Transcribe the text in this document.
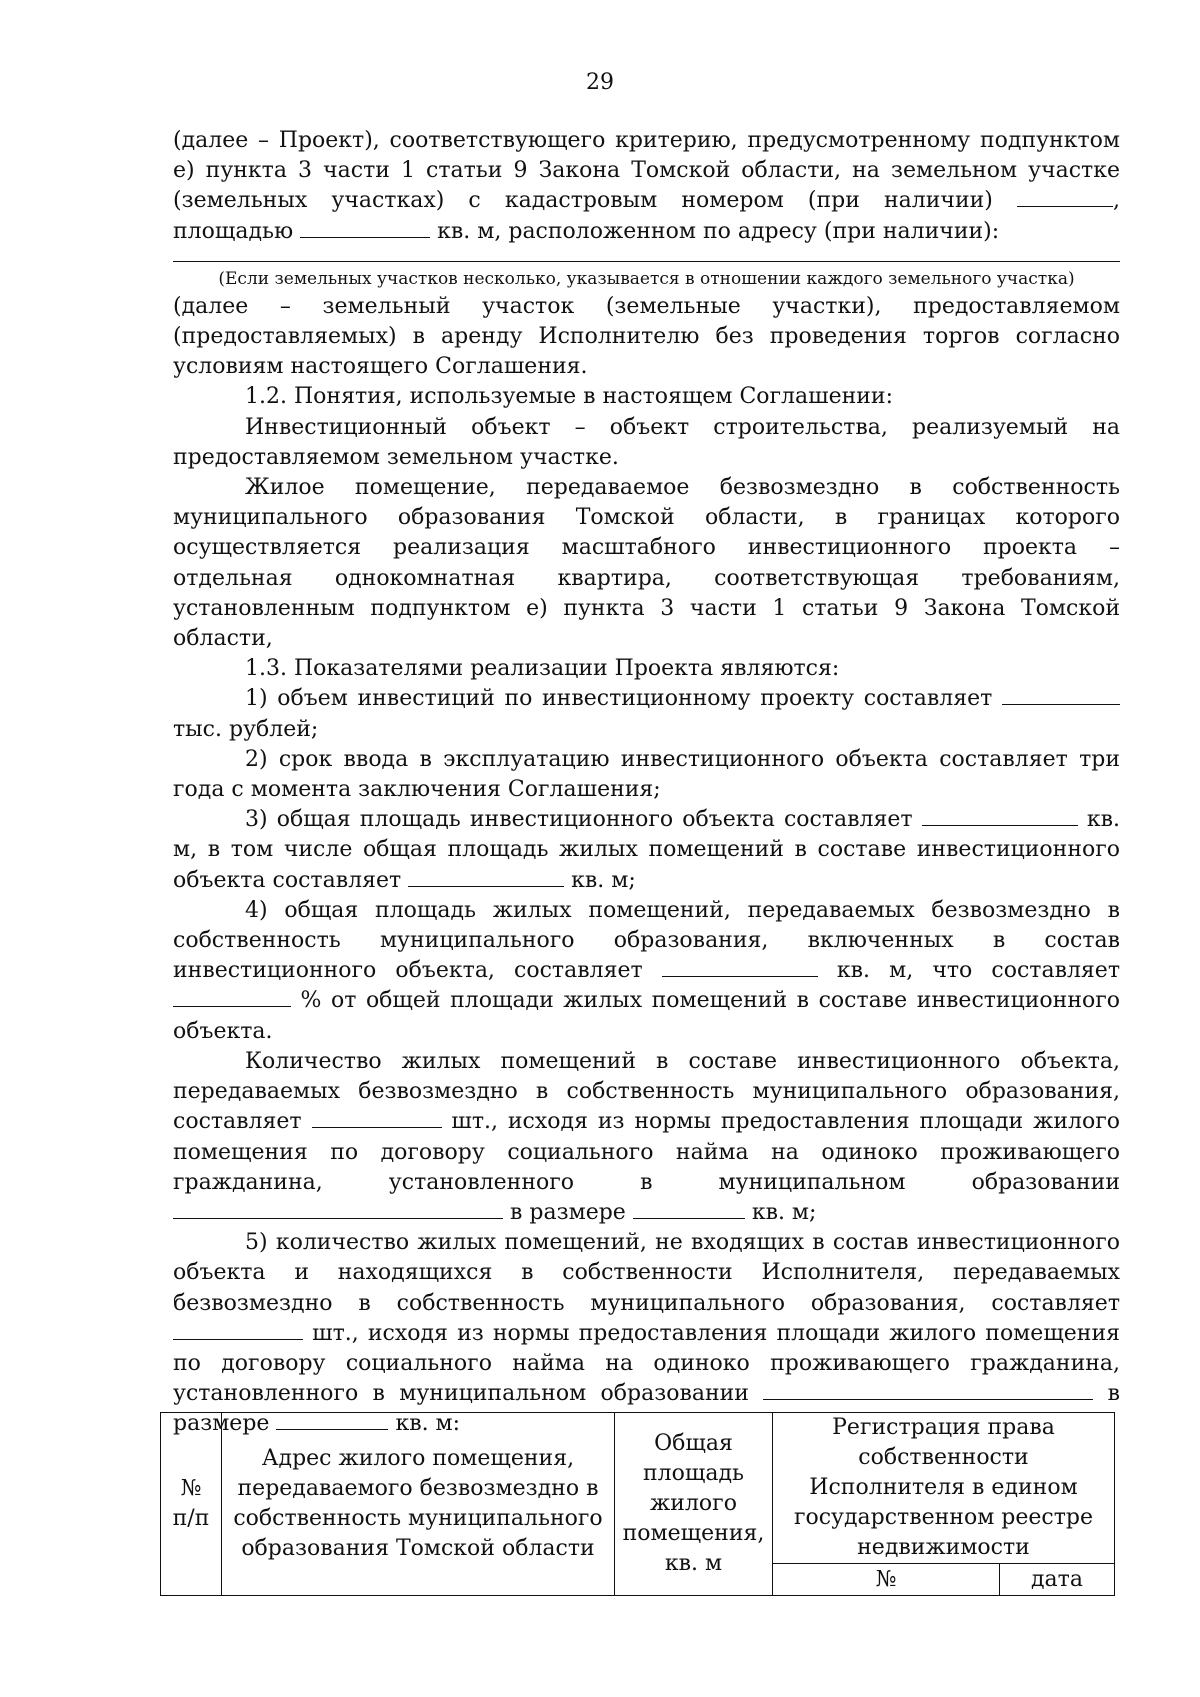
29

(далее – Проект), соответствующего критерию, предусмотренному подпунктом е) пункта 3 части 1 статьи 9 Закона Томской области, на земельном участке (земельных участках) с кадастровым номером (при наличии)	, площадью	кв. м, расположенном по адресу (при наличии):

(Если земельных участков несколько, указывается в отношении каждого земельного участка)

(далее – земельный участок (земельные участки), предоставляемом (предоставляемых) в аренду Исполнителю без проведения торгов согласно условиям настоящего Соглашения.

1.2. Понятия, используемые в настоящем Соглашении:

Инвестиционный объект – объект строительства, реализуемый на предоставляемом земельном участке.

Жилое помещение, передаваемое безвозмездно в собственность муниципального образования Томской области, в границах которого осуществляется реализация масштабного инвестиционного проекта – отдельная однокомнатная квартира, соответствующая требованиям, установленным подпунктом е) пункта 3 части 1 статьи 9 Закона Томской области,

1.3. Показателями реализации Проекта являются:

1) объем инвестиций по инвестиционному проекту составляет  тыс. рублей;

2) срок ввода в эксплуатацию инвестиционного объекта составляет три года с момента заключения Соглашения;

3) общая площадь инвестиционного объекта составляет	кв. м, в том числе общая площадь жилых помещений в составе инвестиционного объекта составляет	кв. м;

4) общая площадь жилых помещений, передаваемых безвозмездно в собственность муниципального образования, включенных в состав инвестиционного объекта, составляет	кв. м, что составляет  % от общей площади жилых помещений в составе инвестиционного объекта.

Количество жилых помещений в составе инвестиционного объекта, передаваемых безвозмездно в собственность муниципального образования, составляет	шт., исходя из нормы предоставления площади жилого помещения по договору социального найма на одиноко проживающего гражданина, установленного в муниципальном образовании  в размере	кв. м;

5) количество жилых помещений, не входящих в состав инвестиционного объекта и находящихся в собственности Исполнителя, передаваемых безвозмездно в собственность муниципального образования, составляет  шт., исходя из нормы предоставления площади жилого помещения по договору социального найма на одиноко проживающего гражданина, установленного в муниципальном образовании	в размере	кв. м:

№ п/п	Адрес жилого помещения, передаваемого безвозмездно в собственность муниципального образования Томской области	Общая площадь жилого помещения, кв. м	Регистрация права собственности Исполнителя в едином государственном реестре недвижимости	
			№	дата
